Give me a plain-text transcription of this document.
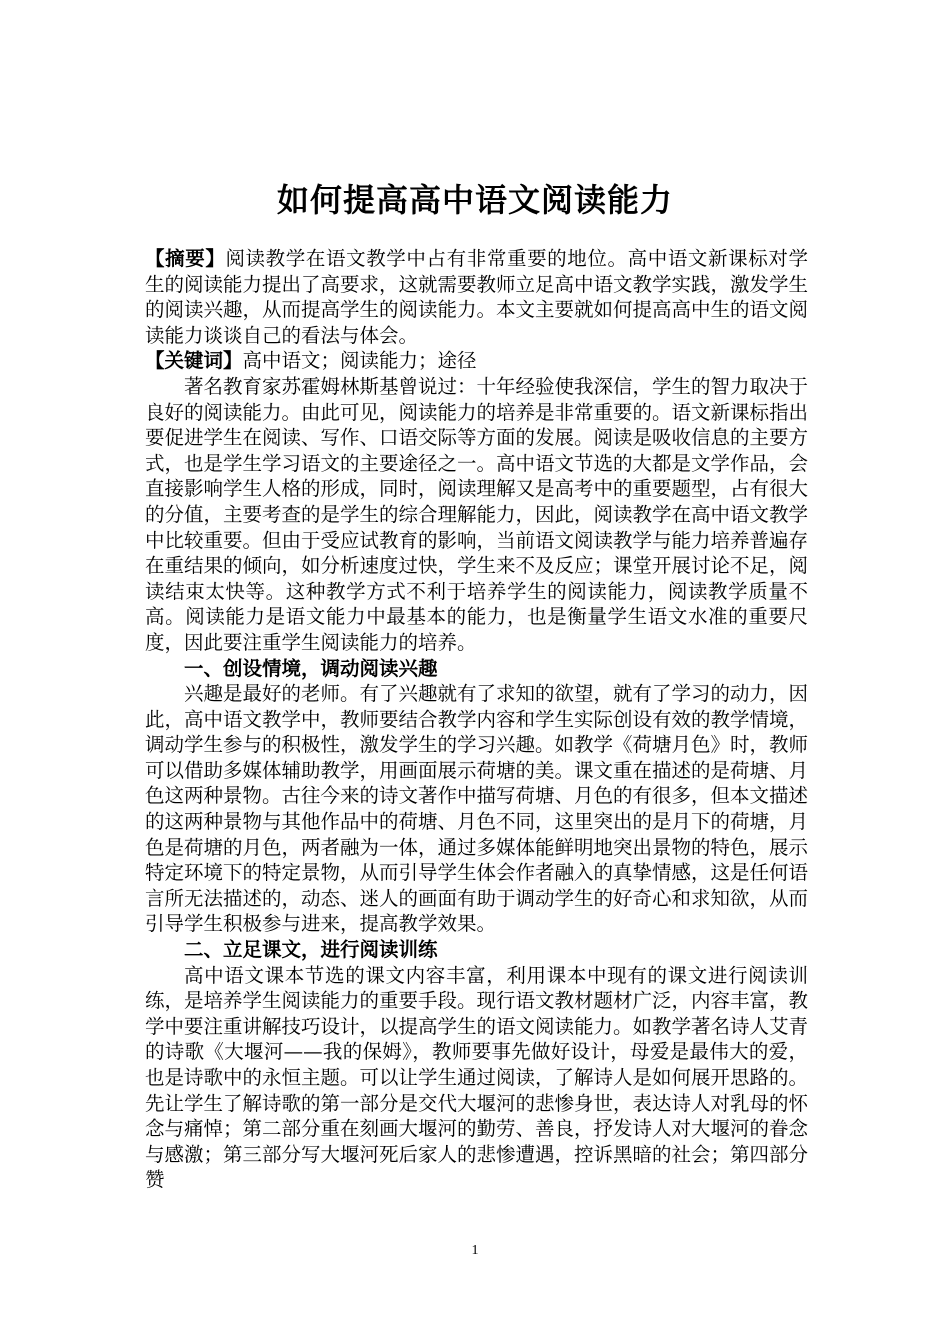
如何提高高中语文阅读能力

【摘要】阅读教学在语文教学中占有非常重要的地位。高中语文新课标对学生的阅读能力提出了高要求，这就需要教师立足高中语文教学实践，激发学生的阅读兴趣，从而提高学生的阅读能力。本文主要就如何提高高中生的语文阅读能力谈谈自己的看法与体会。

【关键词】高中语文；阅读能力；途径

著名教育家苏霍姆林斯基曾说过：十年经验使我深信，学生的智力取决于良好的阅读能力。由此可见，阅读能力的培养是非常重要的。语文新课标指出要促进学生在阅读、写作、口语交际等方面的发展。阅读是吸收信息的主要方式，也是学生学习语文的主要途径之一。高中语文节选的大都是文学作品，会直接影响学生人格的形成，同时，阅读理解又是高考中的重要题型，占有很大的分值，主要考查的是学生的综合理解能力，因此，阅读教学在高中语文教学中比较重要。但由于受应试教育的影响，当前语文阅读教学与能力培养普遍存在重结果的倾向，如分析速度过快，学生来不及反应；课堂开展讨论不足，阅读结束太快等。这种教学方式不利于培养学生的阅读能力，阅读教学质量不高。阅读能力是语文能力中最基本的能力，也是衡量学生语文水准的重要尺度，因此要注重学生阅读能力的培养。

一、创设情境，调动阅读兴趣

兴趣是最好的老师。有了兴趣就有了求知的欲望，就有了学习的动力，因此，高中语文教学中，教师要结合教学内容和学生实际创设有效的教学情境，调动学生参与的积极性，激发学生的学习兴趣。如教学《荷塘月色》时，教师可以借助多媒体辅助教学，用画面展示荷塘的美。课文重在描述的是荷塘、月色这两种景物。古往今来的诗文著作中描写荷塘、月色的有很多，但本文描述的这两种景物与其他作品中的荷塘、月色不同，这里突出的是月下的荷塘，月色是荷塘的月色，两者融为一体，通过多媒体能鲜明地突出景物的特色，展示特定环境下的特定景物，从而引导学生体会作者融入的真挚情感，这是任何语言所无法描述的，动态、迷人的画面有助于调动学生的好奇心和求知欲，从而引导学生积极参与进来，提高教学效果。

二、立足课文，进行阅读训练

高中语文课本节选的课文内容丰富，利用课本中现有的课文进行阅读训练，是培养学生阅读能力的重要手段。现行语文教材题材广泛，内容丰富，教学中要注重讲解技巧设计，以提高学生的语文阅读能力。如教学著名诗人艾青的诗歌《大堰河——我的保姆》，教师要事先做好设计，母爱是最伟大的爱，也是诗歌中的永恒主题。可以让学生通过阅读，了解诗人是如何展开思路的。先让学生了解诗歌的第一部分是交代大堰河的悲惨身世，表达诗人对乳母的怀念与痛悼；第二部分重在刻画大堰河的勤劳、善良，抒发诗人对大堰河的眷念与感激；第三部分写大堰河死后家人的悲惨遭遇，控诉黑暗的社会；第四部分赞

1
